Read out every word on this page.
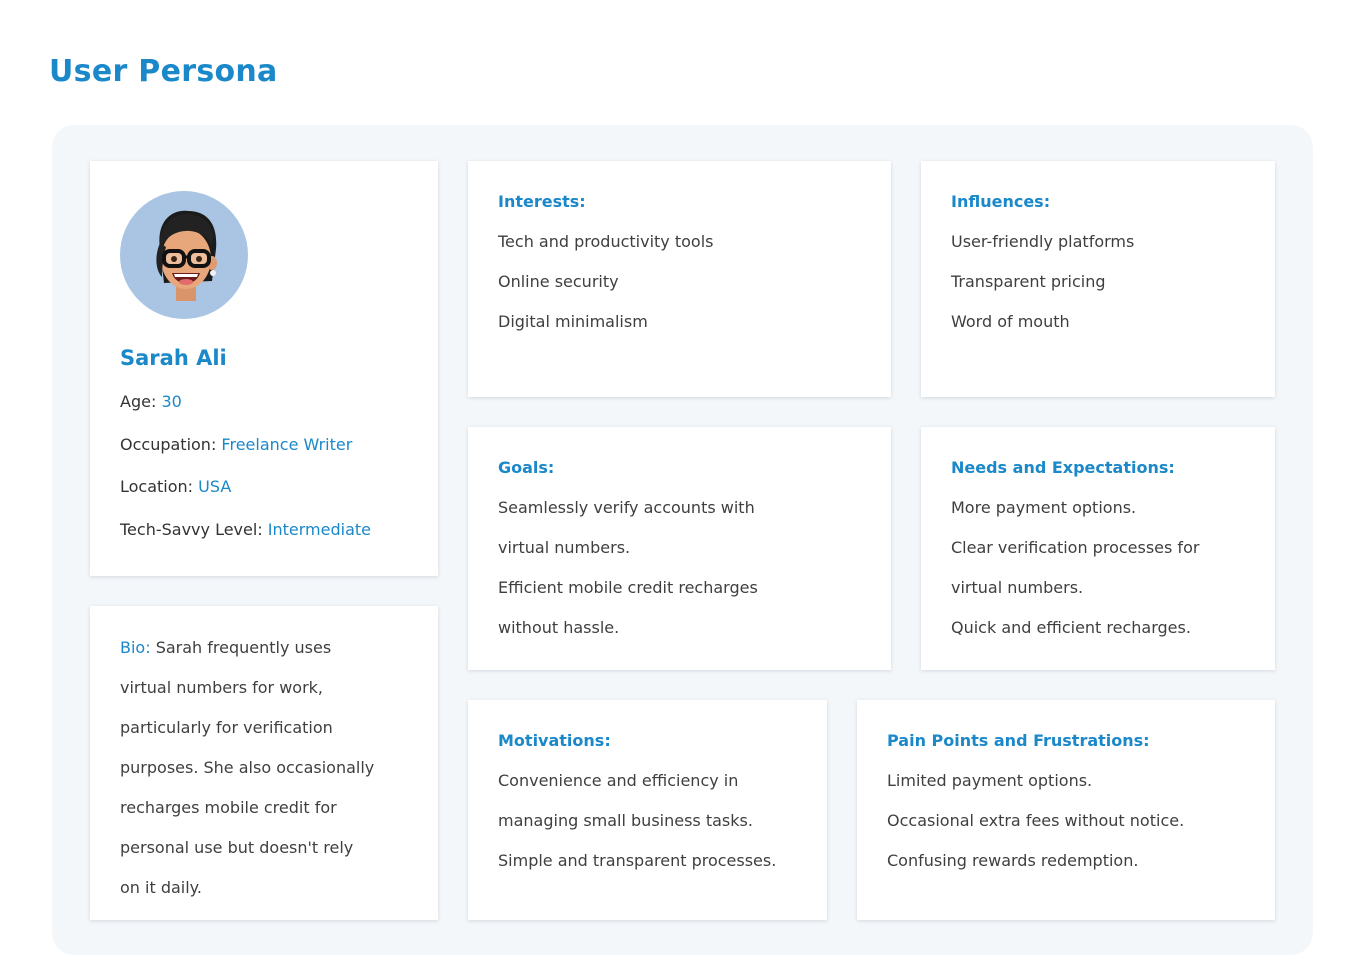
User Persona
Sarah Ali
Age: 30
Occupation: Freelance Writer
Location: USA
Tech-Savvy Level: Intermediate
Bio: Sarah frequently uses
virtual numbers for work,
particularly for verification
purposes. She also occasionally
recharges mobile credit for
personal use but doesn't rely
on it daily.
Interests:
Tech and productivity tools
Online security
Digital minimalism
Influences:
User-friendly platforms
Transparent pricing
Word of mouth
Goals:
Seamlessly verify accounts with
virtual numbers.
Efficient mobile credit recharges
without hassle.
Needs and Expectations:
More payment options.
Clear verification processes for
virtual numbers.
Quick and efficient recharges.
Motivations:
Convenience and efficiency in
managing small business tasks.
Simple and transparent processes.
Pain Points and Frustrations:
Limited payment options.
Occasional extra fees without notice.
Confusing rewards redemption.
